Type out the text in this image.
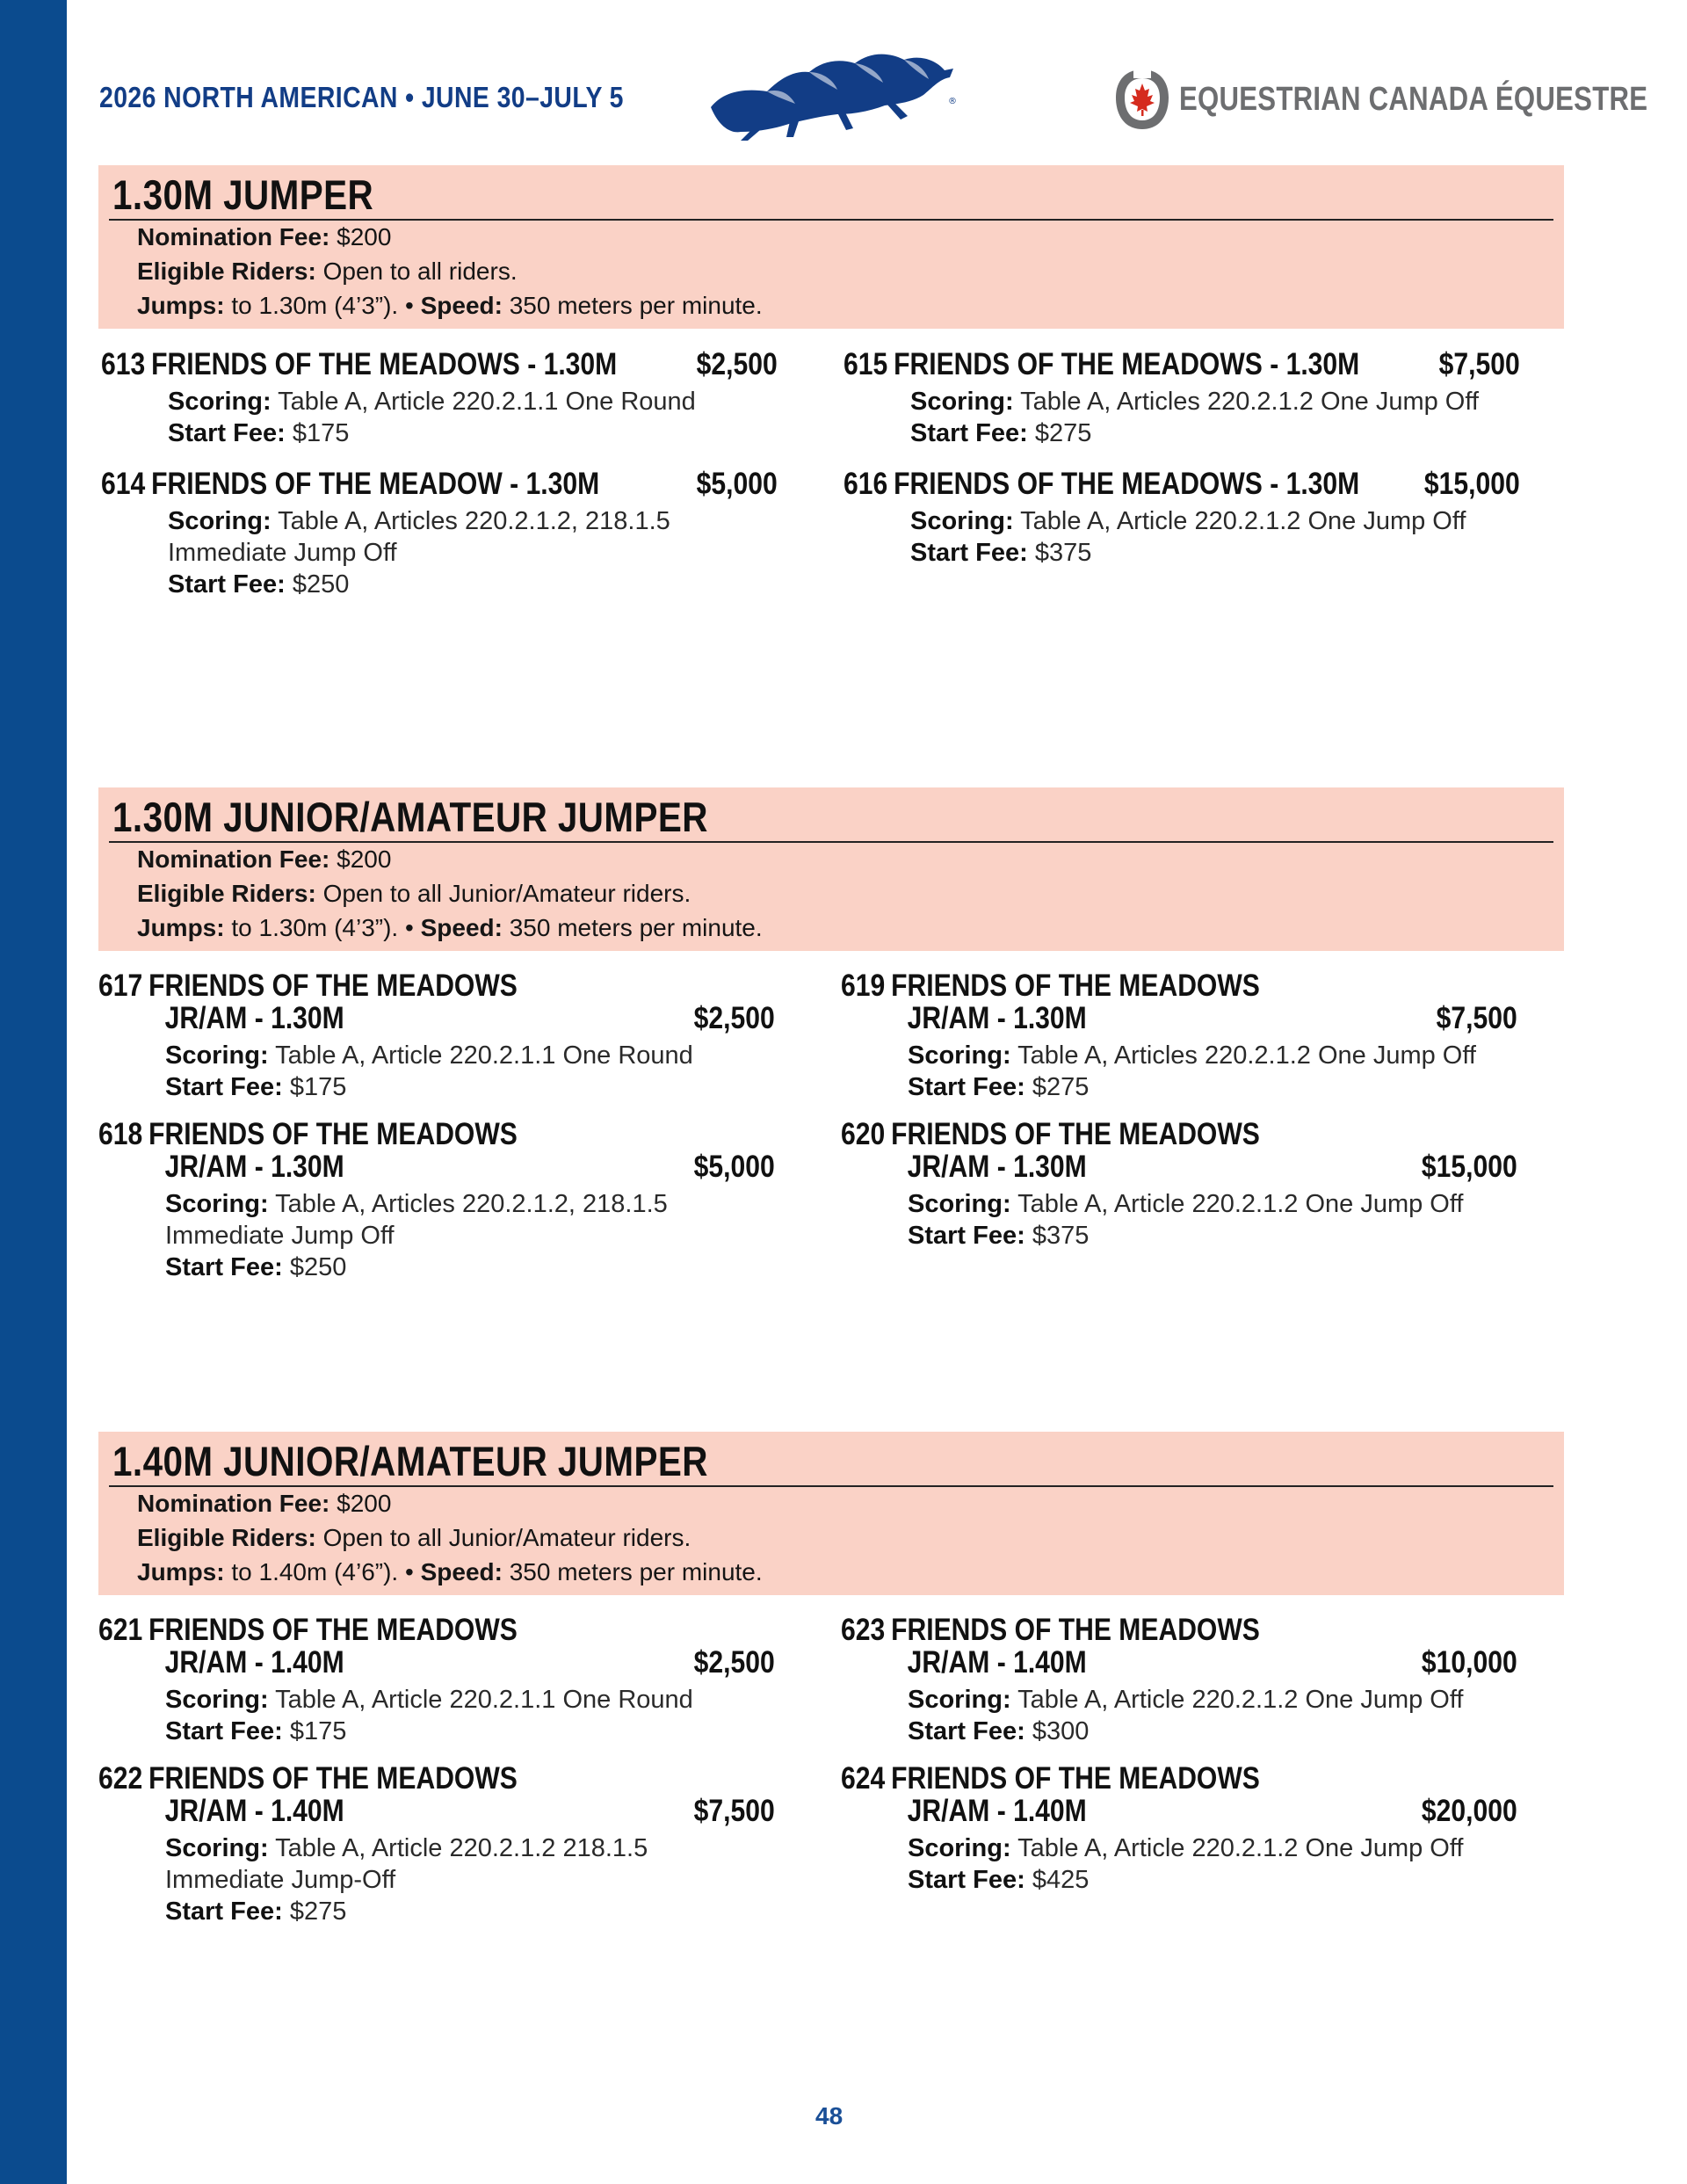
2026 NORTH AMERICAN • JUNE 30–JULY 5	®	EQUESTRIAN CANADA ÉQUESTRE
1.30M JUMPER
Nomination Fee: $200
Eligible Riders: Open to all riders.
Jumps: to 1.30m (4’3”). • Speed: 350 meters per minute.
613 FRIENDS OF THE MEADOWS - 1.30M	$2,500
Scoring: Table A, Article 220.2.1.1 One Round
Start Fee: $175
614 FRIENDS OF THE MEADOW - 1.30M	$5,000
Scoring: Table A, Articles 220.2.1.2, 218.1.5
Immediate Jump Off
Start Fee: $250
615 FRIENDS OF THE MEADOWS - 1.30M	$7,500
Scoring: Table A, Articles 220.2.1.2 One Jump Off
Start Fee: $275
616 FRIENDS OF THE MEADOWS - 1.30M $15,000
Scoring: Table A, Article 220.2.1.2 One Jump Off
Start Fee: $375
1.30M JUNIOR/AMATEUR JUMPER
Nomination Fee: $200
Eligible Riders: Open to all Junior/Amateur riders.
Jumps: to 1.30m (4’3”). • Speed: 350 meters per minute.
617 FRIENDS OF THE MEADOWS
JR/AM - 1.30M	$2,500
Scoring: Table A, Article 220.2.1.1 One Round
Start Fee: $175
618 FRIENDS OF THE MEADOWS
JR/AM - 1.30M	$5,000
Scoring: Table A, Articles 220.2.1.2, 218.1.5
Immediate Jump Off
Start Fee: $250
619 FRIENDS OF THE MEADOWS
JR/AM - 1.30M	$7,500
Scoring: Table A, Articles 220.2.1.2 One Jump Off
Start Fee: $275
620 FRIENDS OF THE MEADOWS
JR/AM - 1.30M	$15,000
Scoring: Table A, Article 220.2.1.2 One Jump Off
Start Fee: $375
1.40M JUNIOR/AMATEUR JUMPER
Nomination Fee: $200
Eligible Riders: Open to all Junior/Amateur riders.
Jumps: to 1.40m (4’6”). • Speed: 350 meters per minute.
621 FRIENDS OF THE MEADOWS
JR/AM - 1.40M	$2,500
Scoring: Table A, Article 220.2.1.1 One Round
Start Fee: $175
622 FRIENDS OF THE MEADOWS
JR/AM - 1.40M	$7,500
Scoring: Table A, Article 220.2.1.2 218.1.5
Immediate Jump-Off
Start Fee: $275
623 FRIENDS OF THE MEADOWS
JR/AM - 1.40M	$10,000
Scoring: Table A, Article 220.2.1.2 One Jump Off
Start Fee: $300
624 FRIENDS OF THE MEADOWS
JR/AM - 1.40M	$20,000
Scoring: Table A, Article 220.2.1.2 One Jump Off
Start Fee: $425
48
